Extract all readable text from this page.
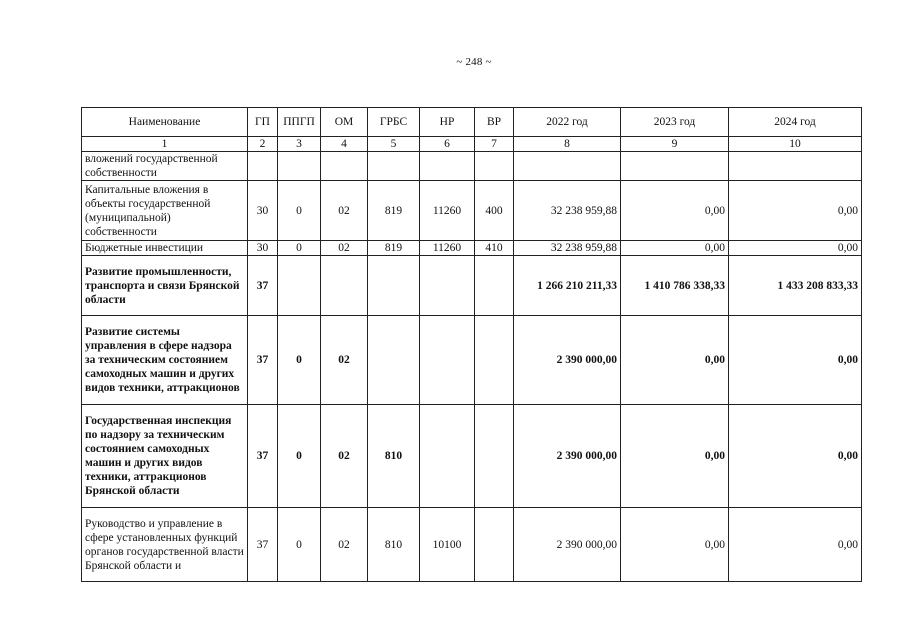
~ 248 ~
Наименование	ГП	ППГП	ОМ	ГРБС	НР	ВР	2022 год	2023 год	2024 год
1	2	3	4	5	6	7	8	9	10
вложений государственной собственности									
Капитальные вложения в объекты государственной (муниципальной) собственности	30	0	02	819	11260	400	32 238 959,88	0,00	0,00
Бюджетные инвестиции	30	0	02	819	11260	410	32 238 959,88	0,00	0,00
Развитие промышленности, транспорта и связи Брянской области	37						1 266 210 211,33	1 410 786 338,33	1 433 208 833,33
Развитие системы управления в сфере надзора за техническим состоянием самоходных машин и других видов техники, аттракционов	37	0	02				2 390 000,00	0,00	0,00
Государственная инспекция по надзору за техническим состоянием самоходных машин и других видов техники, аттракционов Брянской области	37	0	02	810			2 390 000,00	0,00	0,00
Руководство и управление в сфере установленных функций органов государственной власти Брянской области и	37	0	02	810	10100		2 390 000,00	0,00	0,00
